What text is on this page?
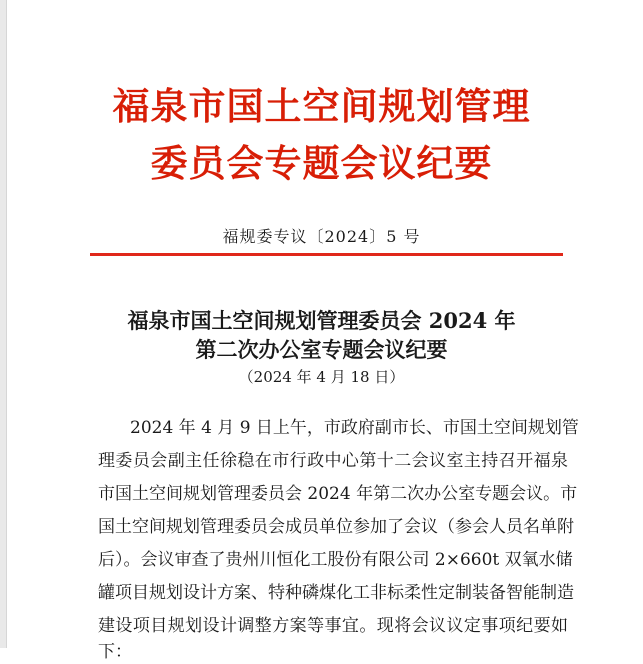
福泉市国土空间规划管理
委员会专题会议纪要
福规委专议〔2024〕5 号
福泉市国土空间规划管理委员会 2024 年
第二次办公室专题会议纪要
（2024 年 4 月 18 日）
2024 年 4 月 9 日上午，市政府副市长、市国土空间规划管
理委员会副主任徐稳在市行政中心第十二会议室主持召开福泉
市国土空间规划管理委员会 2024 年第二次办公室专题会议。市
国土空间规划管理委员会成员单位参加了会议（参会人员名单附
后）。会议审查了贵州川恒化工股份有限公司 2×660t 双氧水储
罐项目规划设计方案、特种磷煤化工非标柔性定制装备智能制造
建设项目规划设计调整方案等事宜。现将会议议定事项纪要如
下：
